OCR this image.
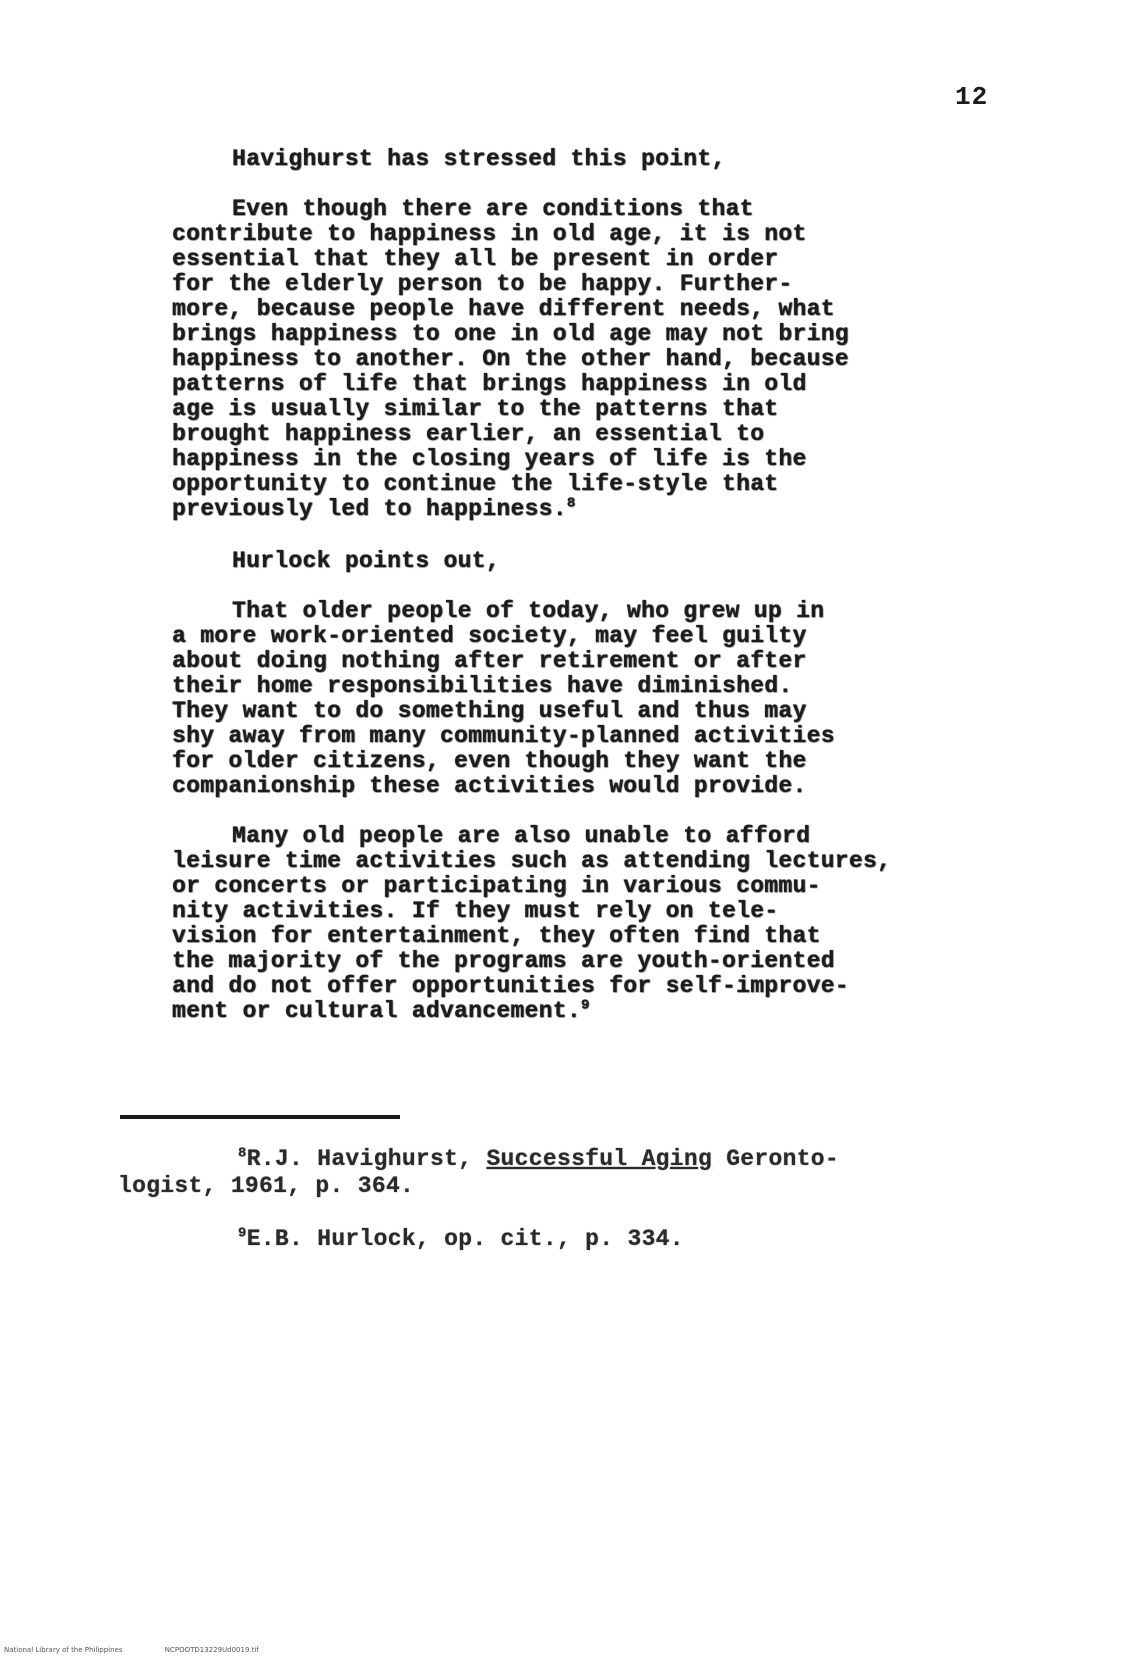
12
Havighurst has stressed this point,
Even though there are conditions that
contribute to happiness in old age, it is not
essential that they all be present in order
for the elderly person to be happy. Further-
more, because people have different needs, what
brings happiness to one in old age may not bring
happiness to another. On the other hand, because
patterns of life that brings happiness in old
age is usually similar to the patterns that
brought happiness earlier, an essential to
happiness in the closing years of life is the
opportunity to continue the life-style that
previously led to happiness.$^8$
Hurlock points out,
That older people of today, who grew up in
a more work-oriented society, may feel guilty
about doing nothing after retirement or after
their home responsibilities have diminished.
They want to do something useful and thus may
shy away from many community-planned activities
for older citizens, even though they want the
companionship these activities would provide.
Many old people are also unable to afford
leisure time activities such as attending lectures,
or concerts or participating in various commu-
nity activities. If they must rely on tele-
vision for entertainment, they often find that
the majority of the programs are youth-oriented
and do not offer opportunities for self-improve-
ment or cultural advancement.$^9$
$^8$R.J. Havighurst, Successful Aging Geronto-
logist, 1961, p. 364.
$^9$E.B. Hurlock, op. cit., p. 334.
National Library of the Philippines	NCPOOTD13229Ud0019.tif
